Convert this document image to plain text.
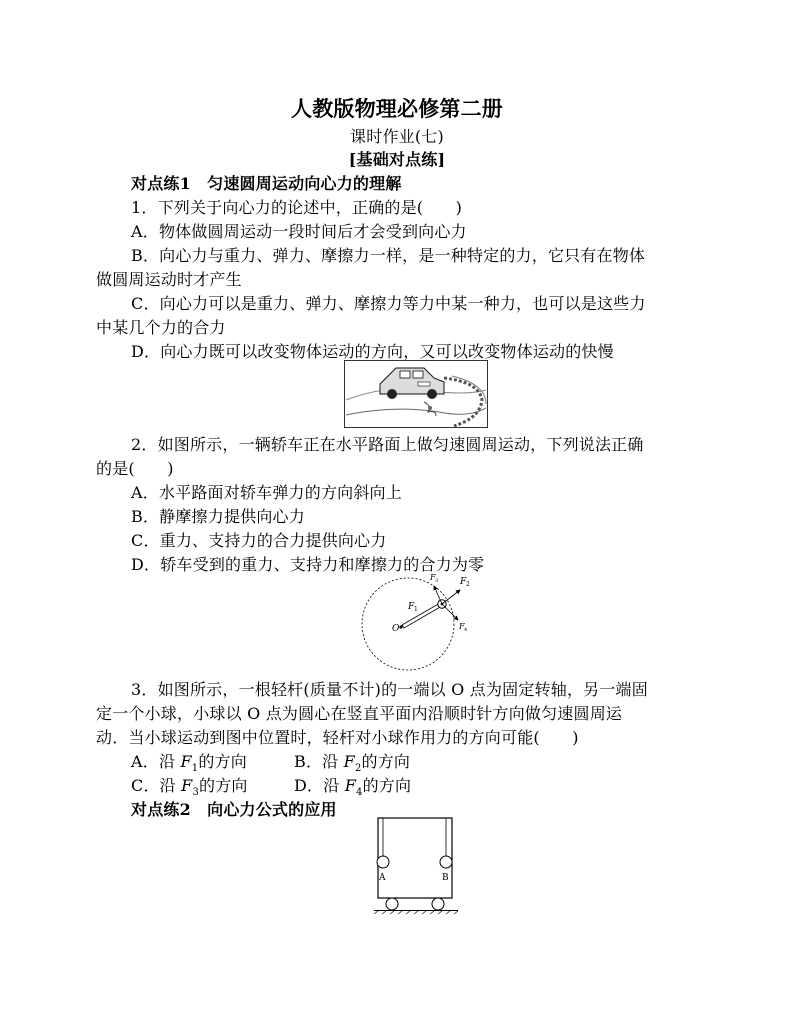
人教版物理必修第二册
课时作业(七)
[基础对点练]
对点练1　匀速圆周运动向心力的理解
1．下列关于向心力的论述中，正确的是(　　)
A．物体做圆周运动一段时间后才会受到向心力
B．向心力与重力、弹力、摩擦力一样，是一种特定的力，它只有在物体
做圆周运动时才产生
C．向心力可以是重力、弹力、摩擦力等力中某一种力，也可以是这些力
中某几个力的合力
D．向心力既可以改变物体运动的方向，又可以改变物体运动的快慢
2．如图所示，一辆轿车正在水平路面上做匀速圆周运动，下列说法正确
的是(　　)
A．水平路面对轿车弹力的方向斜向上
B．静摩擦力提供向心力
C．重力、支持力的合力提供向心力
D．轿车受到的重力、支持力和摩擦力的合力为零
O
F 1
F 2
F 3
F 4
3．如图所示，一根轻杆(质量不计)的一端以 O 点为固定转轴，另一端固
定一个小球，小球以 O 点为圆心在竖直平面内沿顺时针方向做匀速圆周运
动．当小球运动到图中位置时，轻杆对小球作用力的方向可能(　　)
A．沿 $F_1$的方向	B．沿 $F_2$的方向
C．沿 $F_3$的方向	D．沿 $F_4$的方向
对点练2　向心力公式的应用
A	B
